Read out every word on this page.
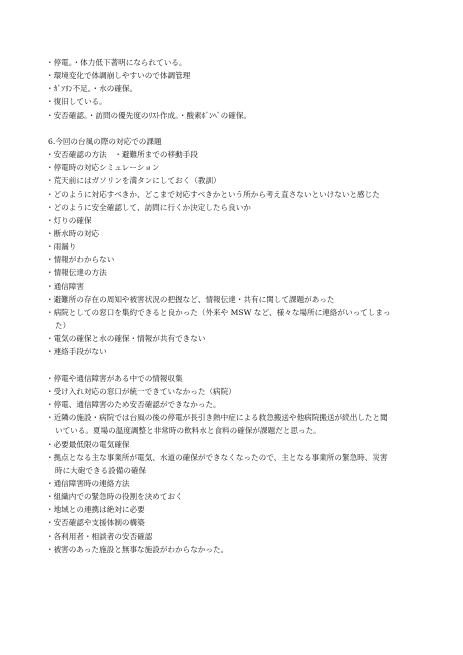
・停電。・体力低下著明になられている。
・環境変化で体調崩しやすいので体調管理
・ｶﾞｿﾘﾝ不足。・水の確保。
・復旧している。
・安否確認。・訪問の優先度のﾘｽﾄ作成。・酸素ﾎﾞﾝﾍﾞの確保。
6.今回の台風の際の対応での課題
・安否確認の方法　・避難所までの移動手段
・停電時の対応シミュレーション
・荒天前にはガソリンを満タンにしておく（教訓）
・どのように対応すべきか、どこまで対応すべきかという所から考え直さないといけないと感じた
・どのように安全確認して、訪問に行くか決定したら良いか
・灯りの確保
・断水時の対応
・雨漏り
・情報がわからない
・情報伝達の方法
・通信障害
・避難所の存在の周知や被害状況の把握など、情報伝達・共有に関して課題があった
・病院としての窓口を集約できると良かった（外来や MSW など、様々な場所に連絡がいってしまっ
た）
・電気の確保と水の確保・情報が共有できない
・連絡手段がない
・停電や通信障害がある中での情報収集
・受け入れ対応の窓口が統一できていなかった（病院）
・停電、通信障害のため安否確認ができなかった。
・近隣の施設・病院では台風の後の停電が長引き熱中症による救急搬送や他病院搬送が続出したと聞
いている。夏場の温度調整と非常時の飲料水と食料の確保が課題だと思った。
・必要最低限の電気確保
・拠点となる主な事業所が電気、水道の確保ができなくなったので、主となる事業所の緊急時、災害
時に大砲できる設備の確保
・通信障害時の連絡方法
・組織内での緊急時の役割を決めておく
・地域との連携は絶対に必要
・安否確認や支援体制の構築
・各利用者・相談者の安否確認
・被害のあった施設と無事な施設がわからなかった。
